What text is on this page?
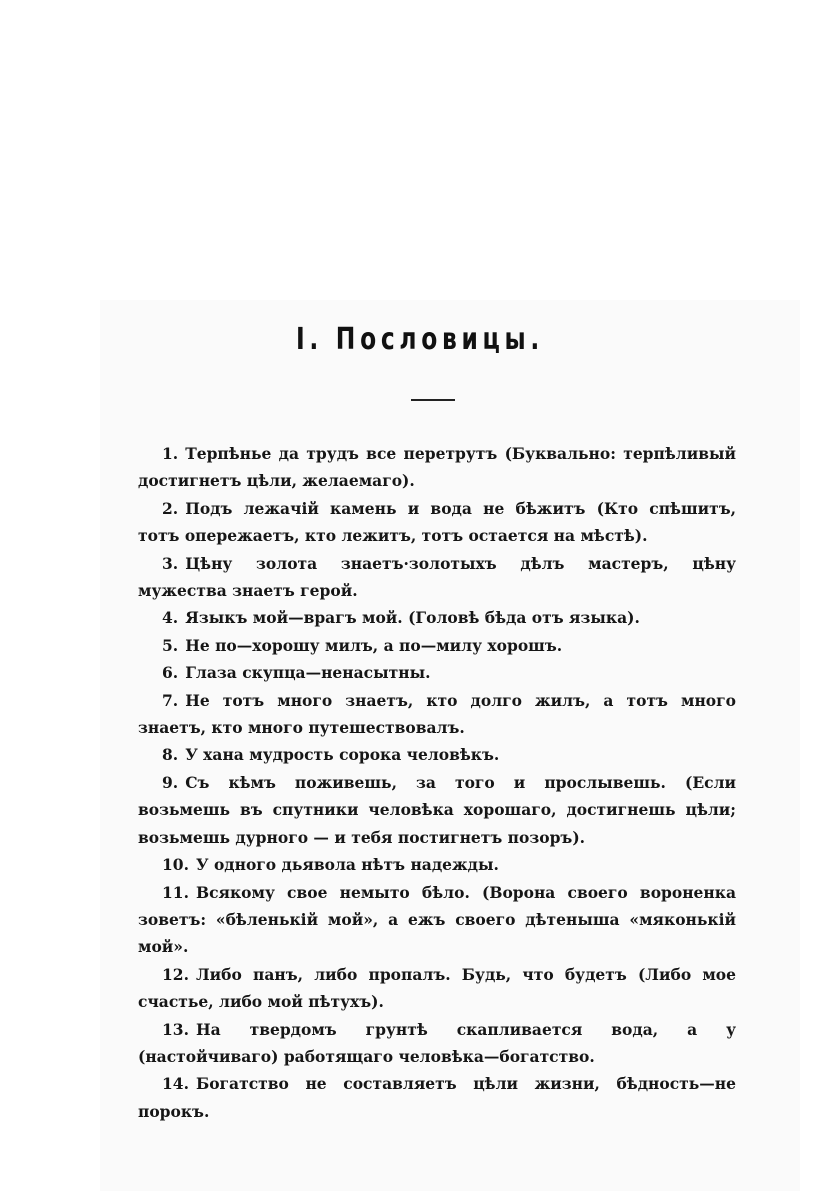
I. Пословицы.

1. Терпѣнье да трудъ все перетрутъ (Буквально: терпѣливый достигнетъ цѣли, желаемаго).

2. Подъ лежачій камень и вода не бѣжитъ (Кто спѣшитъ, тотъ опережаетъ, кто лежитъ, тотъ остается на мѣстѣ).

3. Цѣну золота знаетъ·золотыхъ дѣлъ мастеръ, цѣну мужества знаетъ герой.

4. Языкъ мой—врагъ мой. (Головѣ бѣда отъ языка).

5. Не по—хорошу милъ, а по—милу хорошъ.

6. Глаза скупца—ненасытны.

7. Не тотъ много знаетъ, кто долго жилъ, а тотъ много знаетъ, кто много путешествовалъ.

8. У хана мудрость сорока человѣкъ.

9. Съ кѣмъ поживешь, за того и прослывешь. (Если возьмешь въ спутники человѣка хорошаго, достигнешь цѣли; возьмешь дурного — и тебя постигнетъ позоръ).

10. У одного дьявола нѣтъ надежды.

11. Всякому свое немыто бѣло. (Ворона своего вороненка зоветъ: «бѣленькій мой», а ежъ своего дѣтеныша «мяконькій мой».

12. Либо панъ, либо пропалъ. Будь, что будетъ (Либо мое счастье, либо мой пѣтухъ).

13. На твердомъ грунтѣ скапливается вода, а у (настойчиваго) работящаго человѣка—богатство.

14. Богатство не составляетъ цѣли жизни, бѣдность—не порокъ.
